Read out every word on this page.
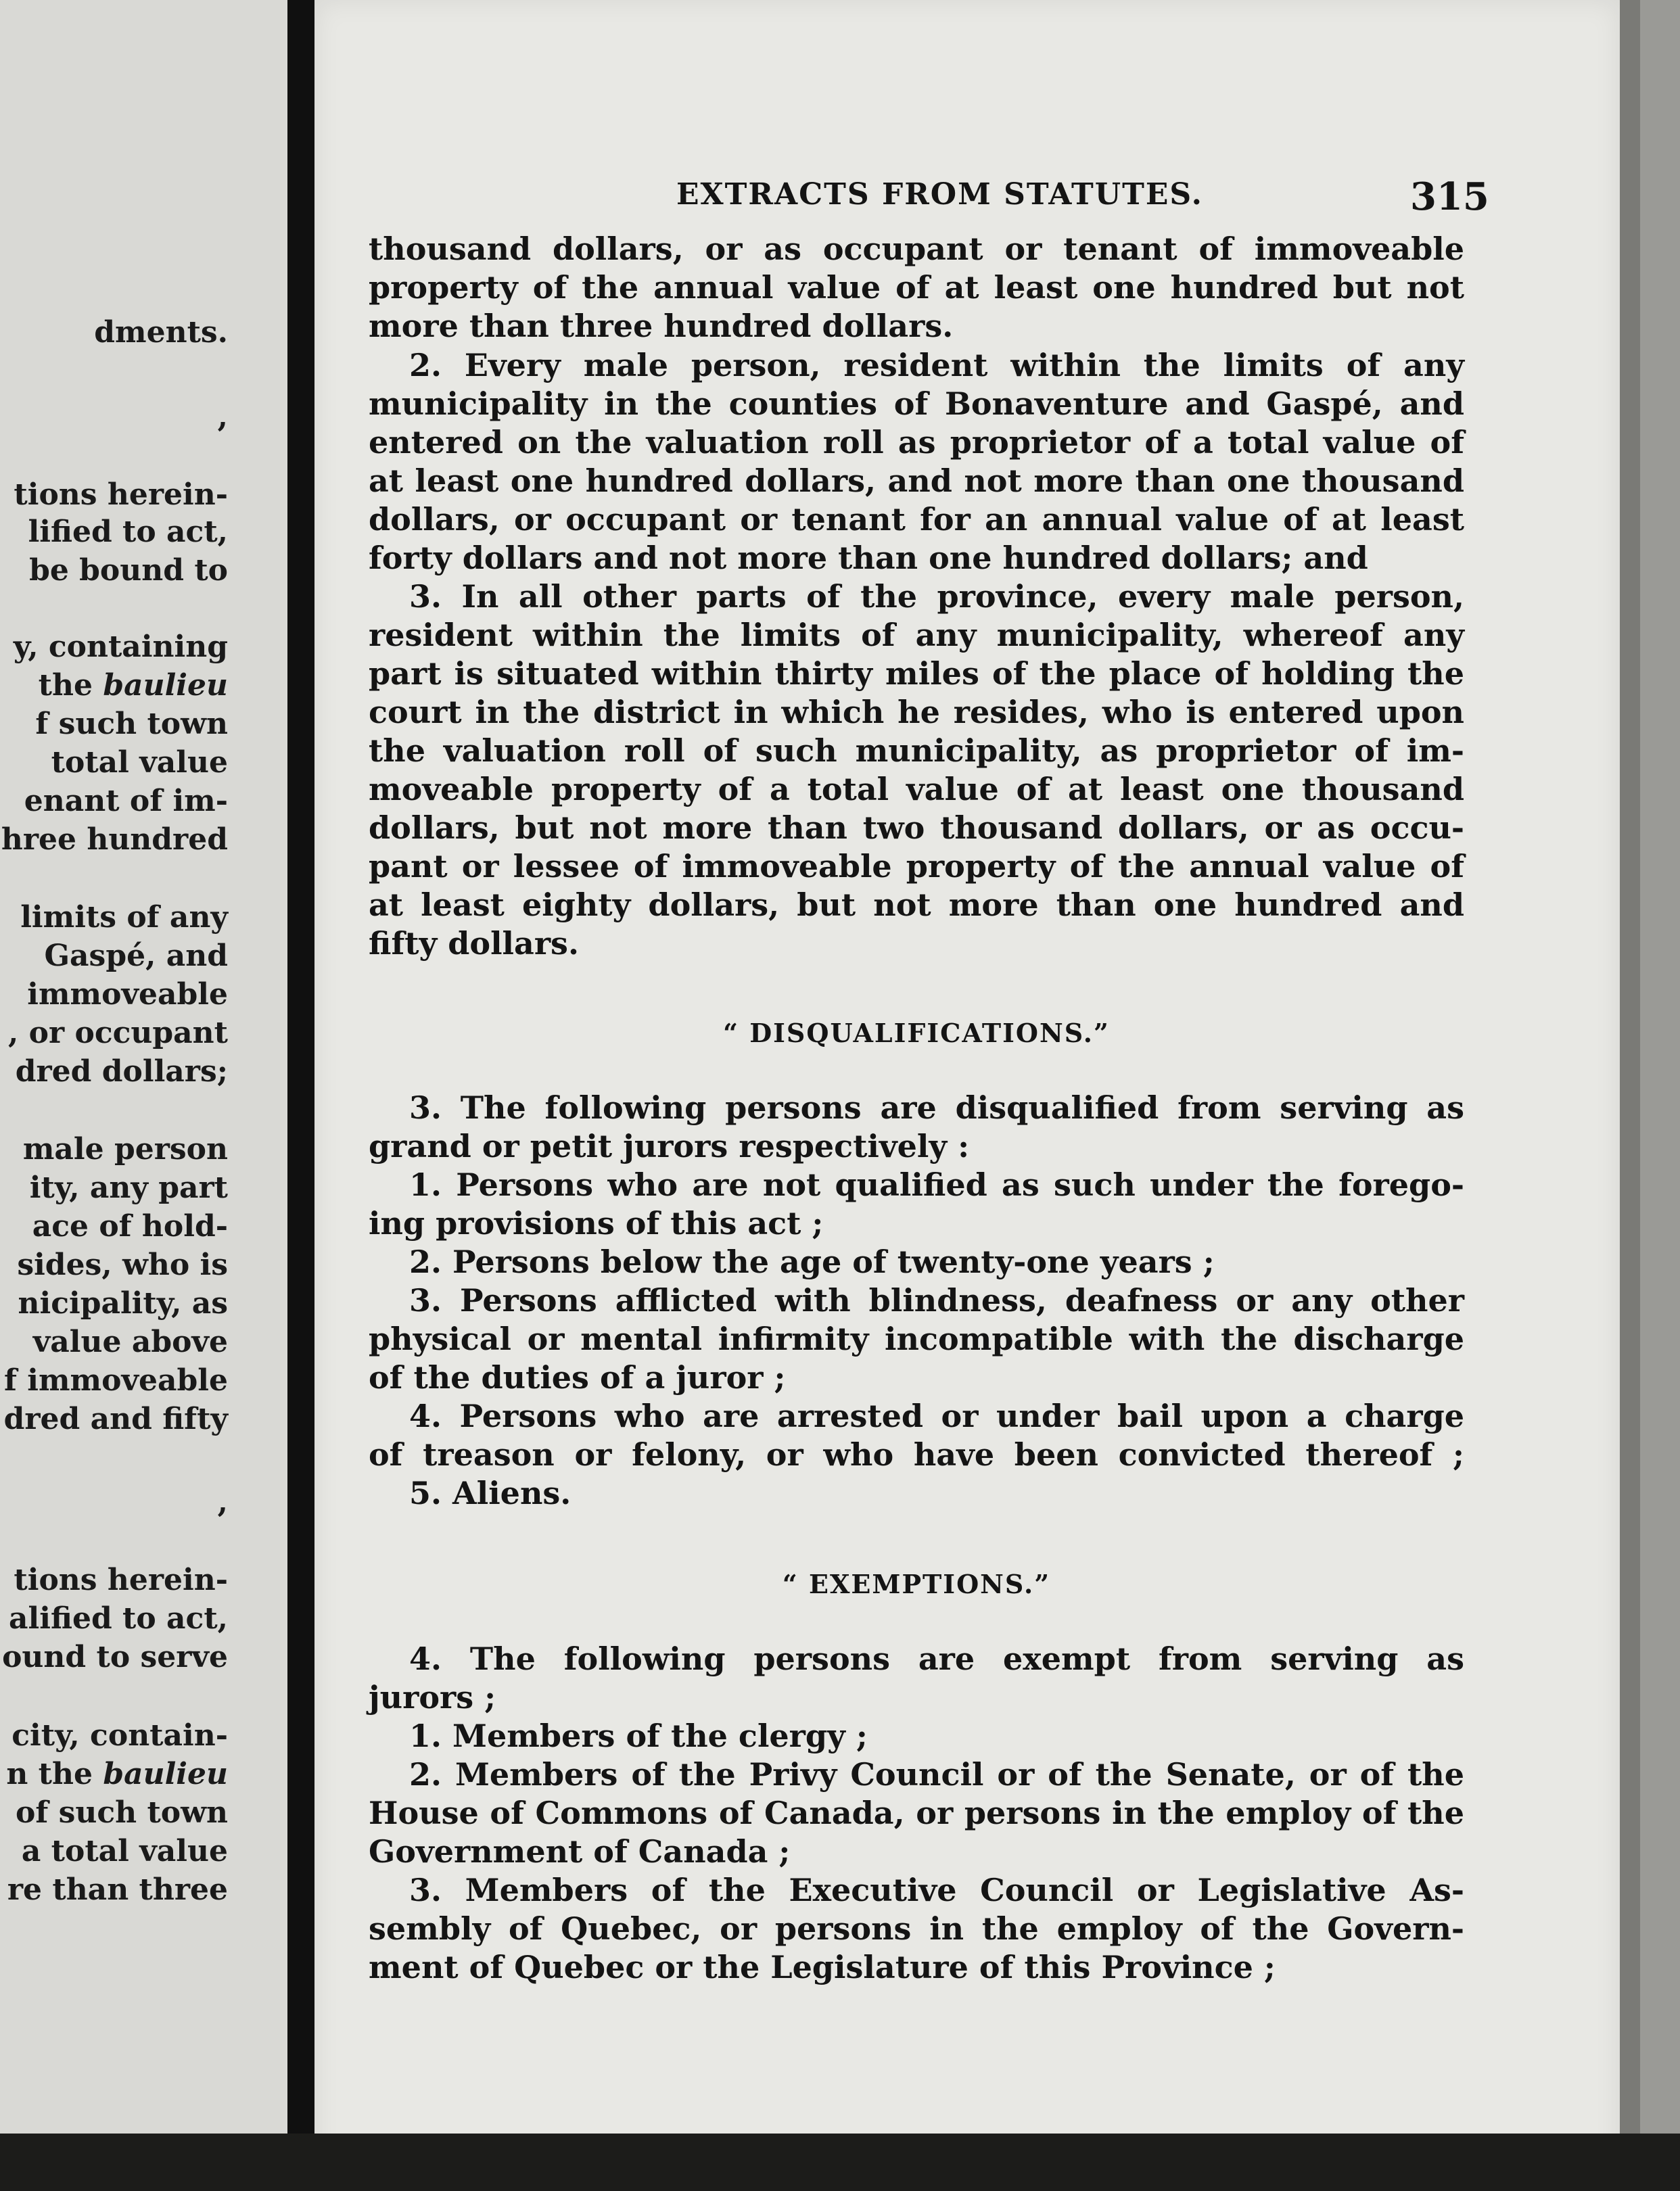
dments.
,
tions herein-
lified to act,
be bound to
y, containing
the baulieu
f such town
total value
enant of im-
hree hundred
limits of any
Gaspé, and
immoveable
, or occupant
dred dollars;
male person
ity, any part
ace of hold-
sides, who is
nicipality, as
value above
f immoveable
dred and fifty
,
tions herein-
alified to act,
ound to serve
city, contain-
n the baulieu
of such town
a total value
re than three
EXTRACTS FROM STATUTES.	315
thousand dollars, or as occupant or tenant of immoveable
property of the annual value of at least one hundred but not
more than three hundred dollars.
2. Every male person, resident within the limits of any
municipality in the counties of Bonaventure and Gaspé, and
entered on the valuation roll as proprietor of a total value of
at least one hundred dollars, and not more than one thousand
dollars, or occupant or tenant for an annual value of at least
forty dollars and not more than one hundred dollars; and
3. In all other parts of the province, every male person,
resident within the limits of any municipality, whereof any
part is situated within thirty miles of the place of holding the
court in the district in which he resides, who is entered upon
the valuation roll of such municipality, as proprietor of im-
moveable property of a total value of at least one thousand
dollars, but not more than two thousand dollars, or as occu-
pant or lessee of immoveable property of the annual value of
at least eighty dollars, but not more than one hundred and
fifty dollars.
“ DISQUALIFICATIONS.”
3. The following persons are disqualified from serving as
grand or petit jurors respectively :
1. Persons who are not qualified as such under the forego-
ing provisions of this act ;
2. Persons below the age of twenty-one years ;
3. Persons afflicted with blindness, deafness or any other
physical or mental infirmity incompatible with the discharge
of the duties of a juror ;
4. Persons who are arrested or under bail upon a charge
of treason or felony, or who have been convicted thereof ;
5. Aliens.
“ EXEMPTIONS.”
4. The following persons are exempt from serving as
jurors ;
1. Members of the clergy ;
2. Members of the Privy Council or of the Senate, or of the
House of Commons of Canada, or persons in the employ of the
Government of Canada ;
3. Members of the Executive Council or Legislative As-
sembly of Quebec, or persons in the employ of the Govern-
ment of Quebec or the Legislature of this Province ;
